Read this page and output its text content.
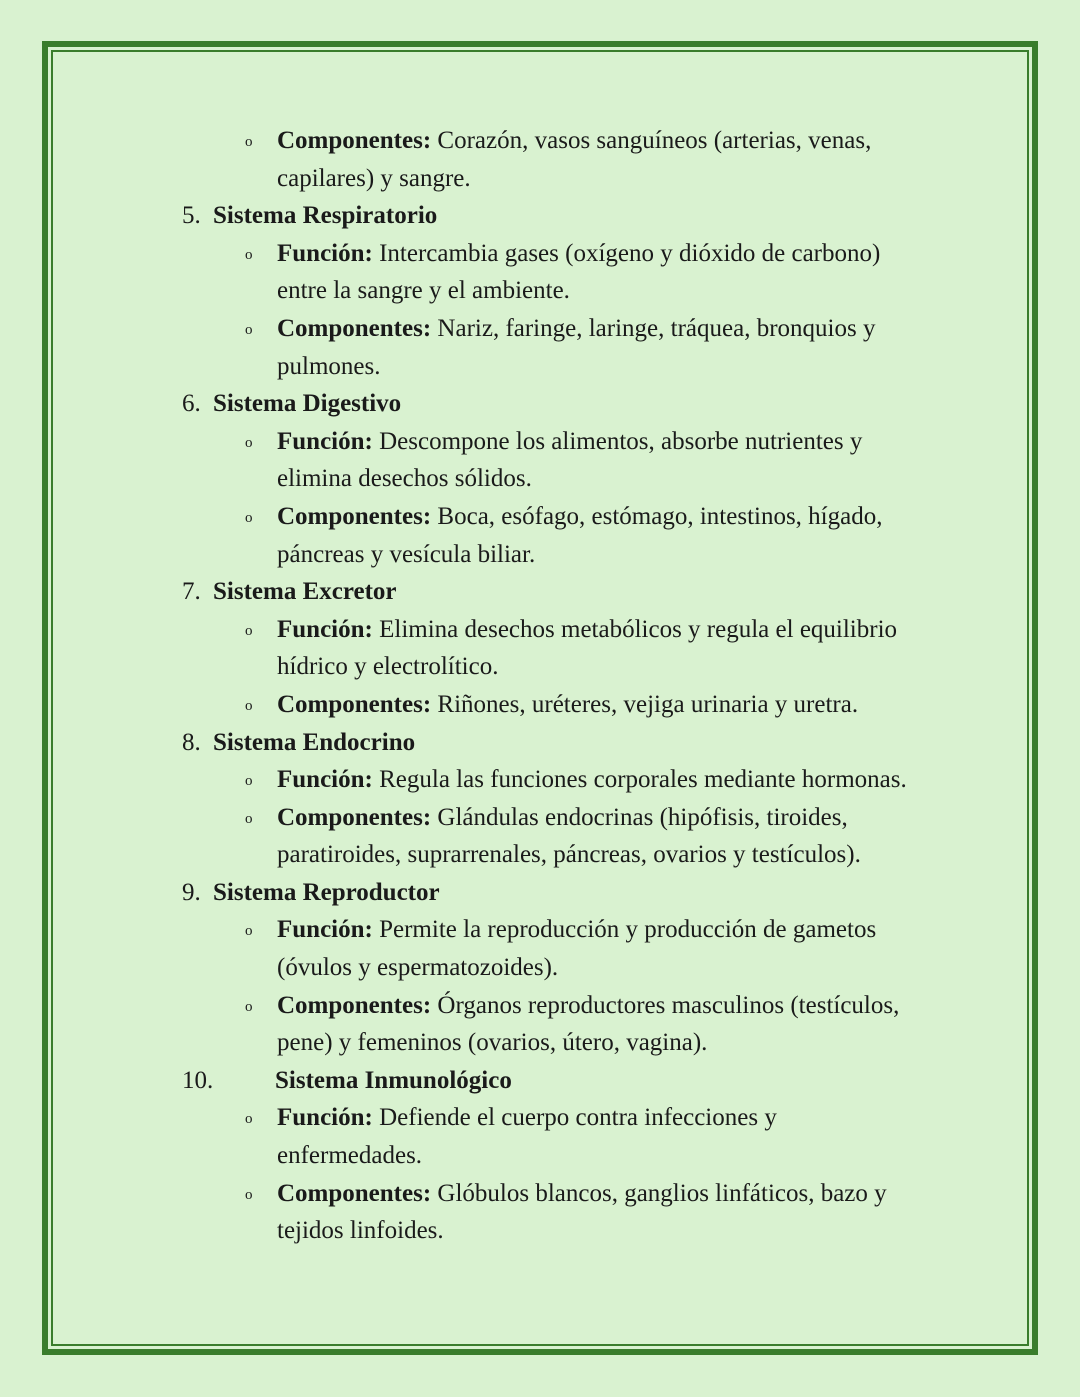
o Componentes: Corazón, vasos sanguíneos (arterias, venas,
capilares) y sangre.
5. Sistema Respiratorio
o Función: Intercambia gases (oxígeno y dióxido de carbono)
entre la sangre y el ambiente.
o Componentes: Nariz, faringe, laringe, tráquea, bronquios y
pulmones.
6. Sistema Digestivo
o Función: Descompone los alimentos, absorbe nutrientes y
elimina desechos sólidos.
o Componentes: Boca, esófago, estómago, intestinos, hígado,
páncreas y vesícula biliar.
7. Sistema Excretor
o Función: Elimina desechos metabólicos y regula el equilibrio
hídrico y electrolítico.
o Componentes: Riñones, uréteres, vejiga urinaria y uretra.
8. Sistema Endocrino
o Función: Regula las funciones corporales mediante hormonas.
o Componentes: Glándulas endocrinas (hipófisis, tiroides,
paratiroides, suprarrenales, páncreas, ovarios y testículos).
9. Sistema Reproductor
o Función: Permite la reproducción y producción de gametos
(óvulos y espermatozoides).
o Componentes: Órganos reproductores masculinos (testículos,
pene) y femeninos (ovarios, útero, vagina).
10. Sistema Inmunológico
o Función: Defiende el cuerpo contra infecciones y
enfermedades.
o Componentes: Glóbulos blancos, ganglios linfáticos, bazo y
tejidos linfoides.
